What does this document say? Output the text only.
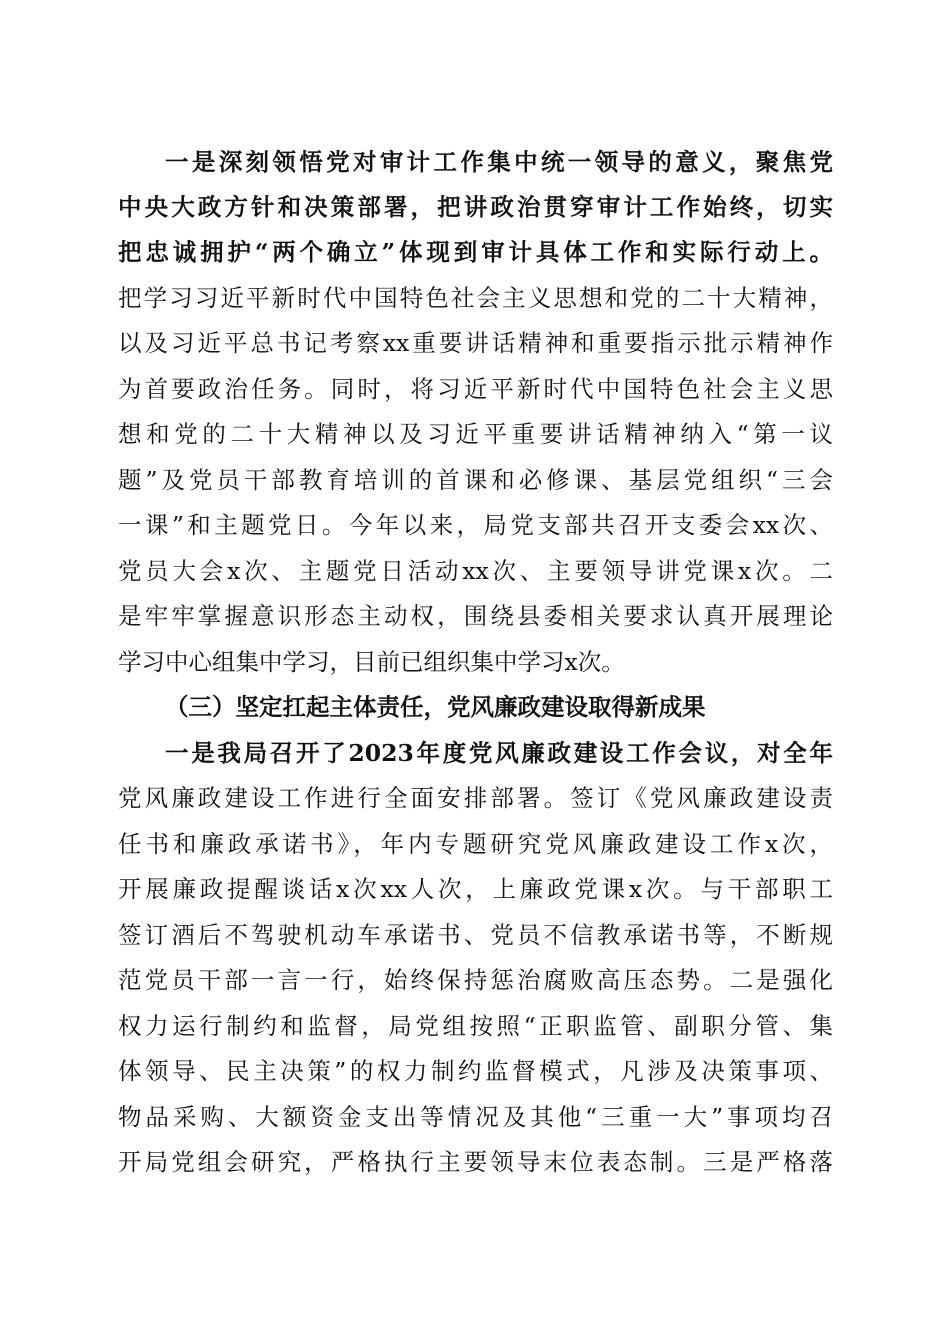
一是深刻领悟党对审计工作集中统一领导的意义，聚焦党
中央大政方针和决策部署，把讲政治贯穿审计工作始终，切实
把忠诚拥护“两个确立”体现到审计具体工作和实际行动上。
把学习习近平新时代中国特色社会主义思想和党的二十大精神，
以及习近平总书记考察xx重要讲话精神和重要指示批示精神作
为首要政治任务。同时，将习近平新时代中国特色社会主义思
想和党的二十大精神以及习近平重要讲话精神纳入“第一议
题”及党员干部教育培训的首课和必修课、基层党组织“三会
一课”和主题党日。今年以来，局党支部共召开支委会xx次、
党员大会x次、主题党日活动xx次、主要领导讲党课x次。二
是牢牢掌握意识形态主动权，围绕县委相关要求认真开展理论
学习中心组集中学习，目前已组织集中学习x次。
（三）坚定扛起主体责任，党风廉政建设取得新成果
一是我局召开了2023年度党风廉政建设工作会议，对全年
党风廉政建设工作进行全面安排部署。签订《党风廉政建设责
任书和廉政承诺书》，年内专题研究党风廉政建设工作x次，
开展廉政提醒谈话x次xx人次，上廉政党课x次。与干部职工
签订酒后不驾驶机动车承诺书、党员不信教承诺书等，不断规
范党员干部一言一行，始终保持惩治腐败高压态势。二是强化
权力运行制约和监督，局党组按照“正职监管、副职分管、集
体领导、民主决策”的权力制约监督模式，凡涉及决策事项、
物品采购、大额资金支出等情况及其他“三重一大”事项均召
开局党组会研究，严格执行主要领导末位表态制。三是严格落
